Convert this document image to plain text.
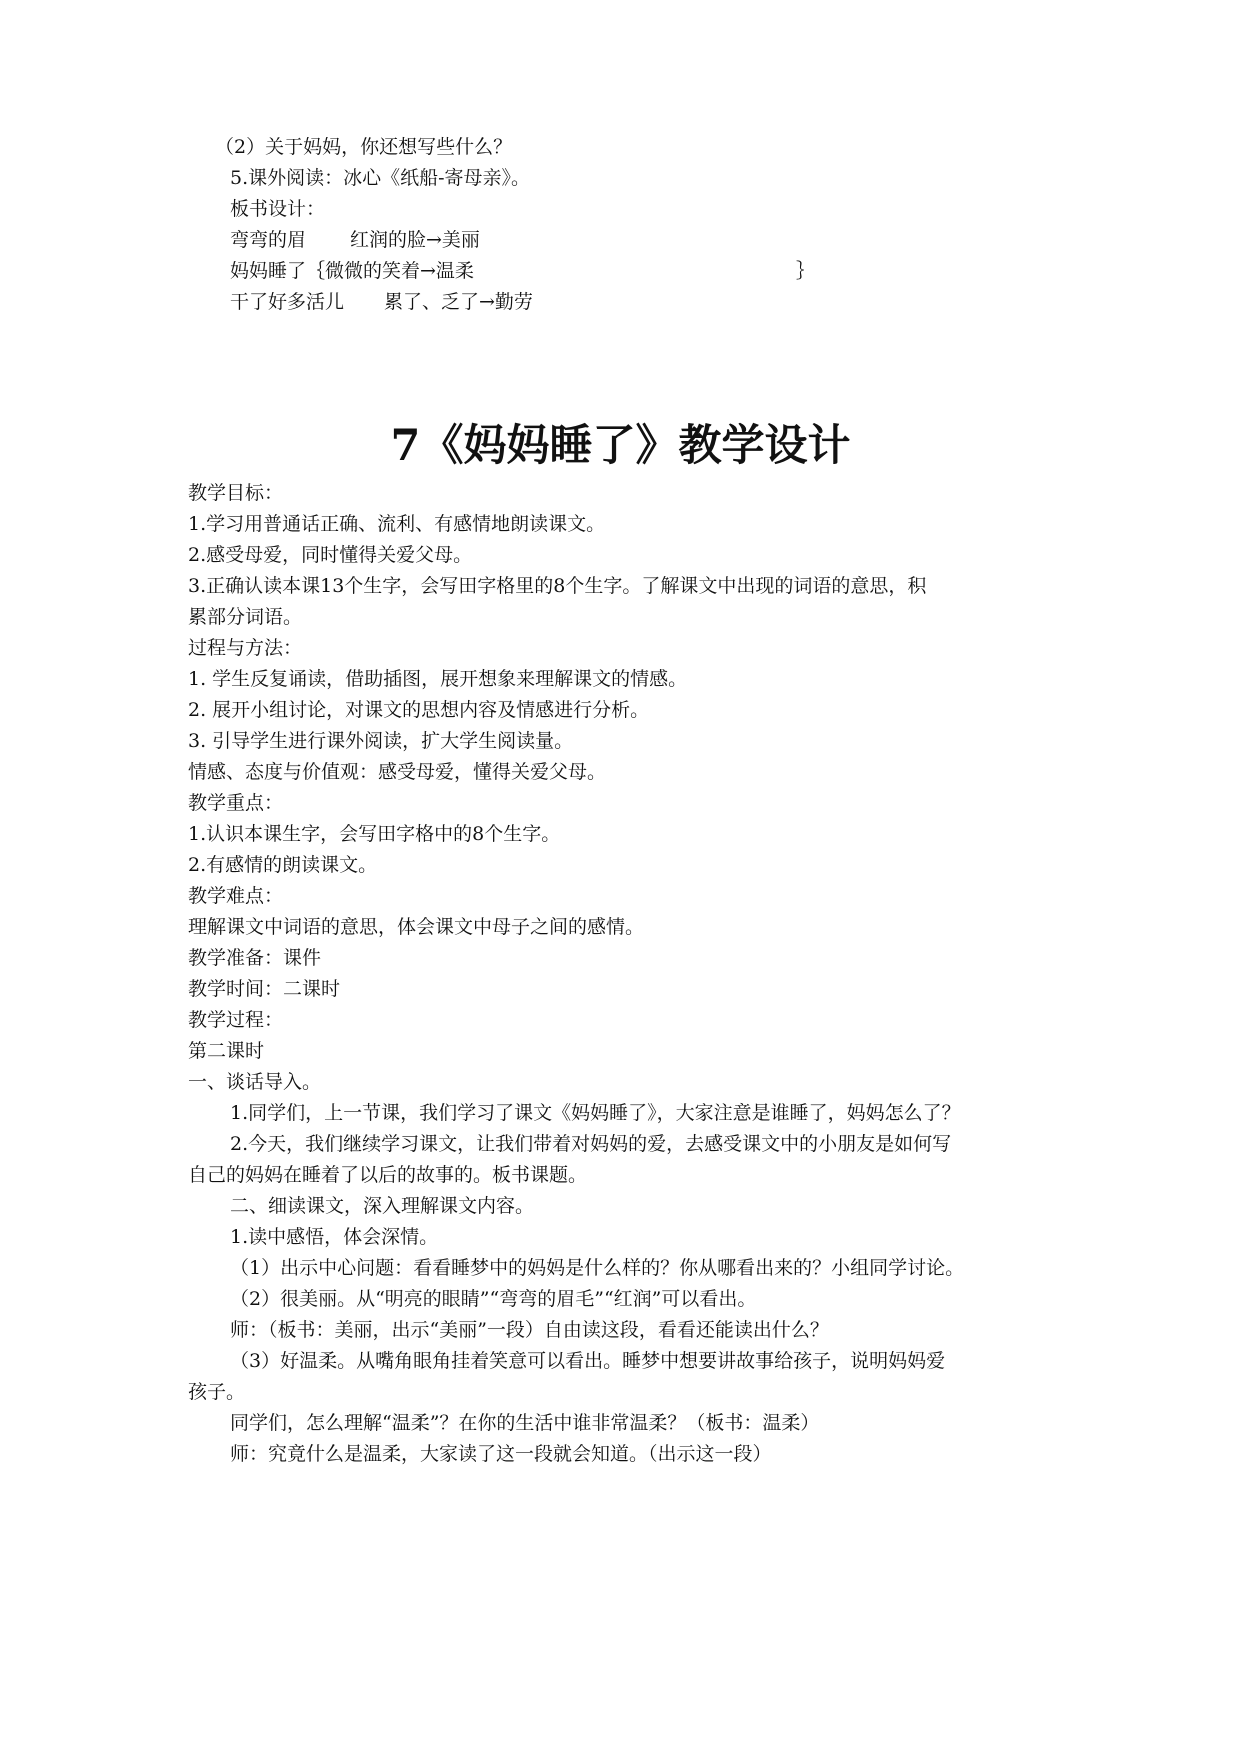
（2）关于妈妈，你还想写些什么？
5.课外阅读：冰心《纸船-寄母亲》。
板书设计：
弯弯的眉 红润的脸→美丽
妈妈睡了｛微微的笑着→温柔	｝
干了好多活儿 累了、乏了→勤劳
7《妈妈睡了》教学设计
教学目标：
1.学习用普通话正确、流利、有感情地朗读课文。
2.感受母爱，同时懂得关爱父母。
3.正确认读本课13个生字，会写田字格里的8个生字。了解课文中出现的词语的意思，积
累部分词语。
过程与方法：
1. 学生反复诵读，借助插图，展开想象来理解课文的情感。
2. 展开小组讨论，对课文的思想内容及情感进行分析。
3. 引导学生进行课外阅读，扩大学生阅读量。
情感、态度与价值观：感受母爱，懂得关爱父母。
教学重点：
1.认识本课生字，会写田字格中的8个生字。
2.有感情的朗读课文。
教学难点：
理解课文中词语的意思，体会课文中母子之间的感情。
教学准备：课件
教学时间：二课时
教学过程：
第二课时
一、谈话导入。
1.同学们，上一节课，我们学习了课文《妈妈睡了》，大家注意是谁睡了，妈妈怎么了？
2.今天，我们继续学习课文，让我们带着对妈妈的爱，去感受课文中的小朋友是如何写
自己的妈妈在睡着了以后的故事的。板书课题。
二、细读课文，深入理解课文内容。
1.读中感悟，体会深情。
（1）出示中心问题：看看睡梦中的妈妈是什么样的？你从哪看出来的？小组同学讨论。
（2）很美丽。从“明亮的眼睛”“弯弯的眉毛”“红润”可以看出。
师：（板书：美丽，出示“美丽”一段）自由读这段，看看还能读出什么？
（3）好温柔。从嘴角眼角挂着笑意可以看出。睡梦中想要讲故事给孩子，说明妈妈爱
孩子。
同学们，怎么理解“温柔”？在你的生活中谁非常温柔？（板书：温柔）
师：究竟什么是温柔，大家读了这一段就会知道。（出示这一段）
